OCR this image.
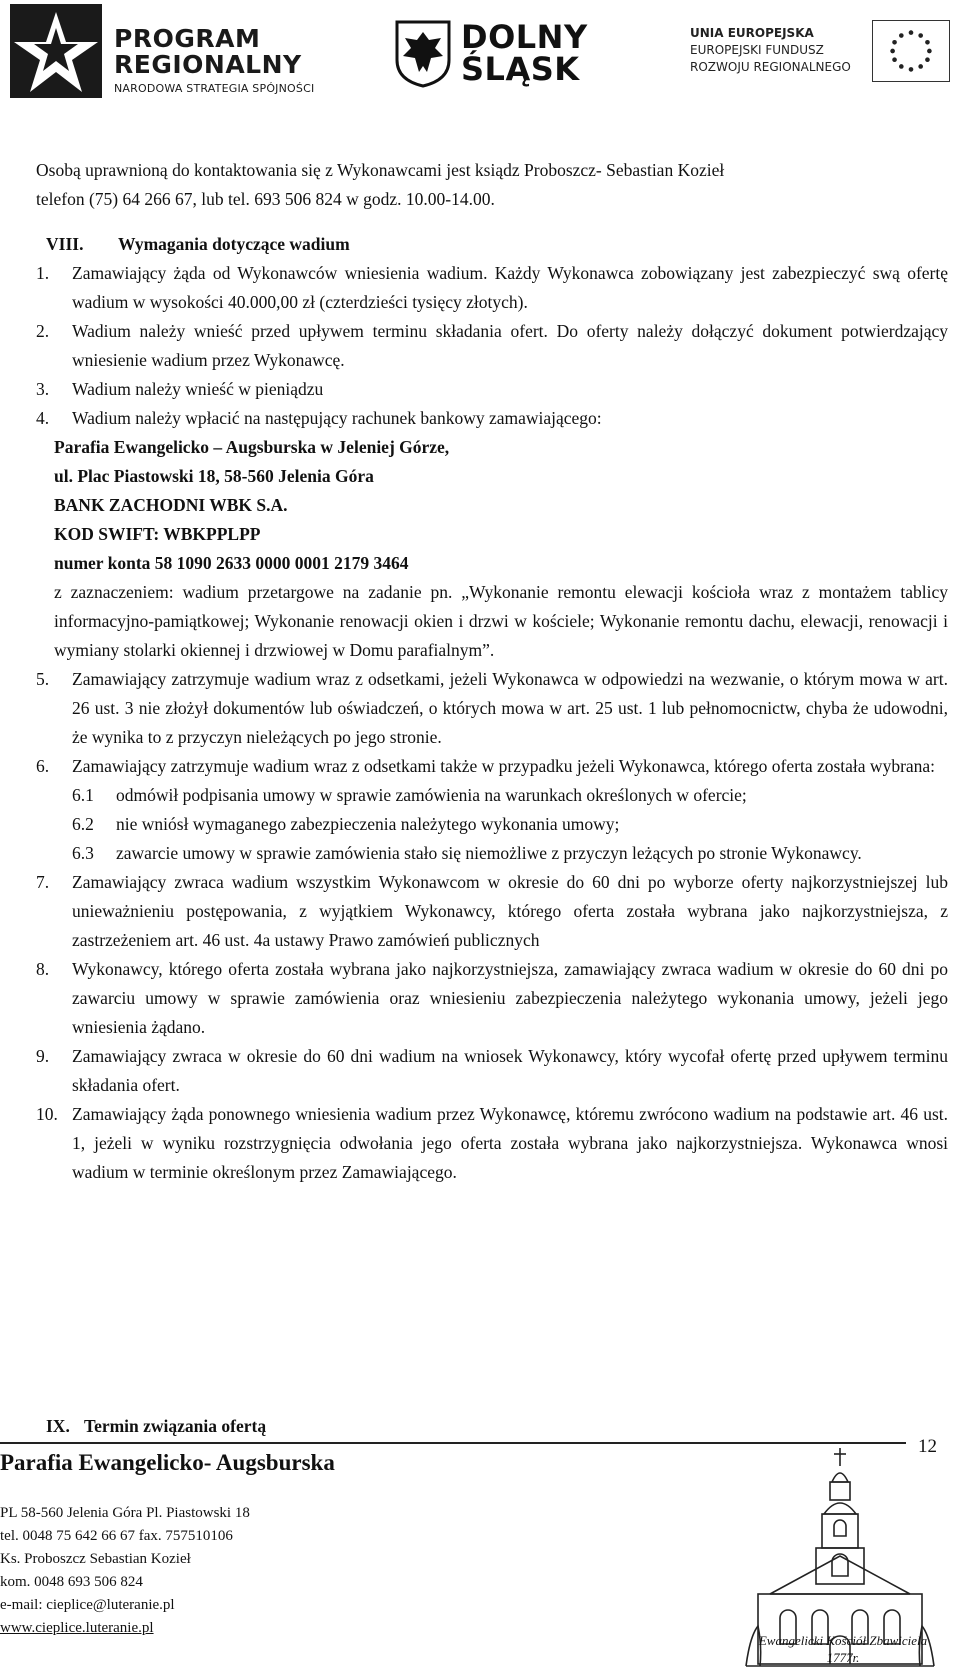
PROGRAM
REGIONALNY
NARODOWA STRATEGIA SPÓJNOŚCI
DOLNY
ŚLĄSK
UNIA EUROPEJSKA
EUROPEJSKI FUNDUSZ
ROZWOJU REGIONALNEGO
Osobą uprawnioną do kontaktowania się z Wykonawcami jest ksiądz Proboszcz- Sebastian Kozieł
telefon (75) 64 266 67, lub tel. 693 506 824 w godz. 10.00-14.00.
VIII. Wymagania dotyczące wadium
1. Zamawiający żąda od Wykonawców wniesienia wadium. Każdy Wykonawca zobowiązany jest zabezpieczyć swą ofertę wadium w wysokości 40.000,00 zł (czterdzieści tysięcy złotych).
2. Wadium należy wnieść przed upływem terminu składania ofert. Do oferty należy dołączyć dokument potwierdzający wniesienie wadium przez Wykonawcę.
3. Wadium należy wnieść w pieniądzu
4. Wadium należy wpłacić na następujący rachunek bankowy zamawiającego:
Parafia Ewangelicko – Augsburska w Jeleniej Górze,
ul. Plac Piastowski 18, 58-560 Jelenia Góra
BANK ZACHODNI WBK S.A.
KOD SWIFT: WBKPPLPP
numer konta 58 1090 2633 0000 0001 2179 3464
z zaznaczeniem: wadium przetargowe na zadanie pn. „Wykonanie remontu elewacji kościoła wraz z montażem tablicy informacyjno-pamiątkowej; Wykonanie renowacji okien i drzwi w kościele; Wykonanie remontu dachu, elewacji, renowacji i wymiany stolarki okiennej i drzwiowej w Domu parafialnym”.
5. Zamawiający zatrzymuje wadium wraz z odsetkami, jeżeli Wykonawca w odpowiedzi na wezwanie, o którym mowa w art. 26 ust. 3 nie złożył dokumentów lub oświadczeń, o których mowa w art. 25 ust. 1 lub pełnomocnictw, chyba że udowodni, że wynika to z przyczyn nieleżących po jego stronie.
6. Zamawiający zatrzymuje wadium wraz z odsetkami także w przypadku jeżeli Wykonawca, którego oferta została wybrana:
6.1 odmówił podpisania umowy w sprawie zamówienia na warunkach określonych w ofercie;
6.2 nie wniósł wymaganego zabezpieczenia należytego wykonania umowy;
6.3 zawarcie umowy w sprawie zamówienia stało się niemożliwe z przyczyn leżących po stronie Wykonawcy.
7. Zamawiający zwraca wadium wszystkim Wykonawcom w okresie do 60 dni po wyborze oferty najkorzystniejszej lub unieważnieniu postępowania, z wyjątkiem Wykonawcy, którego oferta została wybrana jako najkorzystniejsza, z zastrzeżeniem art. 46 ust. 4a ustawy Prawo zamówień publicznych
8. Wykonawcy, którego oferta została wybrana jako najkorzystniejsza, zamawiający zwraca wadium w okresie do 60 dni po zawarciu umowy w sprawie zamówienia oraz wniesieniu zabezpieczenia należytego wykonania umowy, jeżeli jego wniesienia żądano.
9. Zamawiający zwraca w okresie do 60 dni wadium na wniosek Wykonawcy, który wycofał ofertę przed upływem terminu składania ofert.
10. Zamawiający żąda ponownego wniesienia wadium przez Wykonawcę, któremu zwrócono wadium na podstawie art. 46 ust. 1, jeżeli w wyniku rozstrzygnięcia odwołania jego oferta została wybrana jako najkorzystniejsza. Wykonawca wnosi wadium w terminie określonym przez Zamawiającego.
IX. Termin związania ofertą
12
Parafia Ewangelicko- Augsburska
PL 58-560 Jelenia Góra Pl. Piastowski 18
tel. 0048 75 642 66 67 fax. 757510106
Ks. Proboszcz Sebastian Kozieł
kom. 0048 693 506 824
e-mail: cieplice@luteranie.pl
www.cieplice.luteranie.pl
Ewangelicki Kościół Zbawiciela
1777r.
